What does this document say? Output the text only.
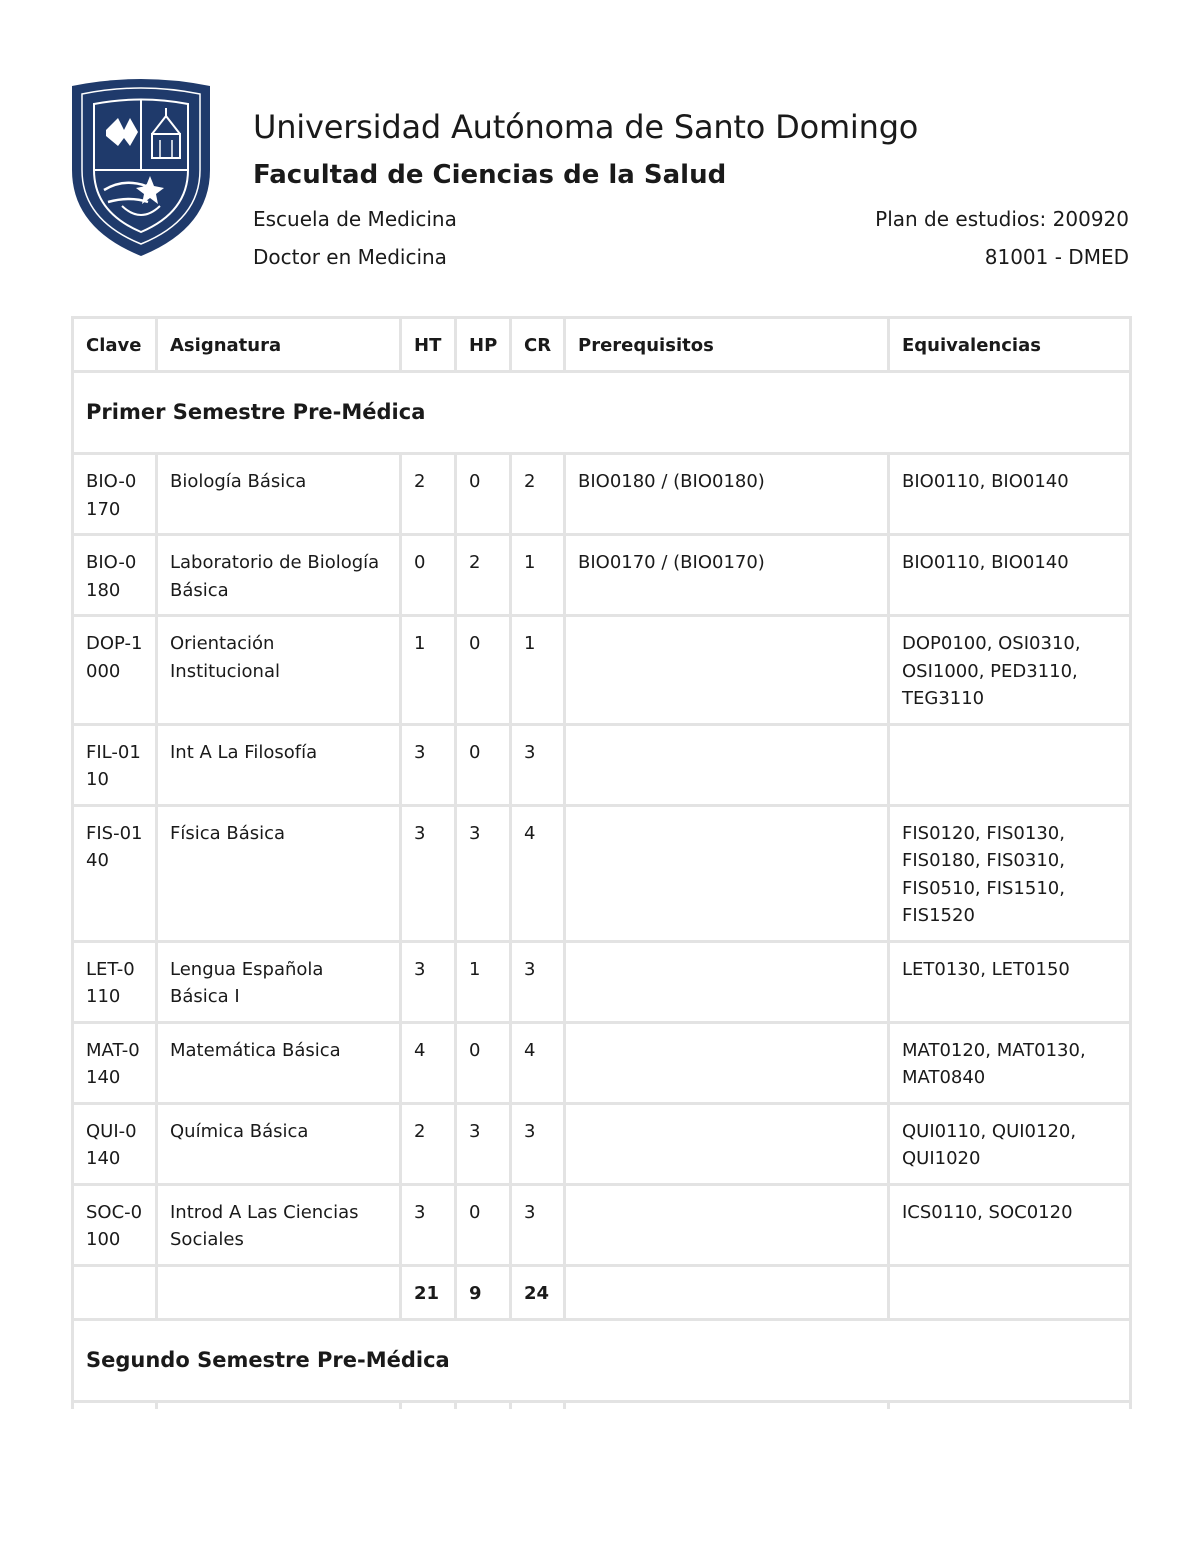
Universidad Autónoma de Santo Domingo
Facultad de Ciencias de la Salud
Escuela de Medicina
Doctor en Medicina
Plan de estudios: 200920
81001 - DMED
Clave	Asignatura	HT	HP	CR	Prerequisitos	Equivalencias
Primer Semestre Pre-Médica						
BIO-0170	Biología Básica	2	0	2	BIO0180 / (BIO0180)	BIO0110, BIO0140
BIO-0180	Laboratorio de Biología Básica	0	2	1	BIO0170 / (BIO0170)	BIO0110, BIO0140
DOP-1000	Orientación Institucional	1	0	1		DOP0100, OSI0310, OSI1000, PED3110, TEG3110
FIL-0110	Int A La Filosofía	3	0	3		
FIS-0140	Física Básica	3	3	4		FIS0120, FIS0130, FIS0180, FIS0310, FIS0510, FIS1510, FIS1520
LET-0110	Lengua Española Básica I	3	1	3		LET0130, LET0150
MAT-0140	Matemática Básica	4	0	4		MAT0120, MAT0130, MAT0840
QUI-0140	Química Básica	2	3	3		QUI0110, QUI0120, QUI1020
SOC-0100	Introd A Las Ciencias Sociales	3	0	3		ICS0110, SOC0120
		21	9	24		
Segundo Semestre Pre-Médica						
